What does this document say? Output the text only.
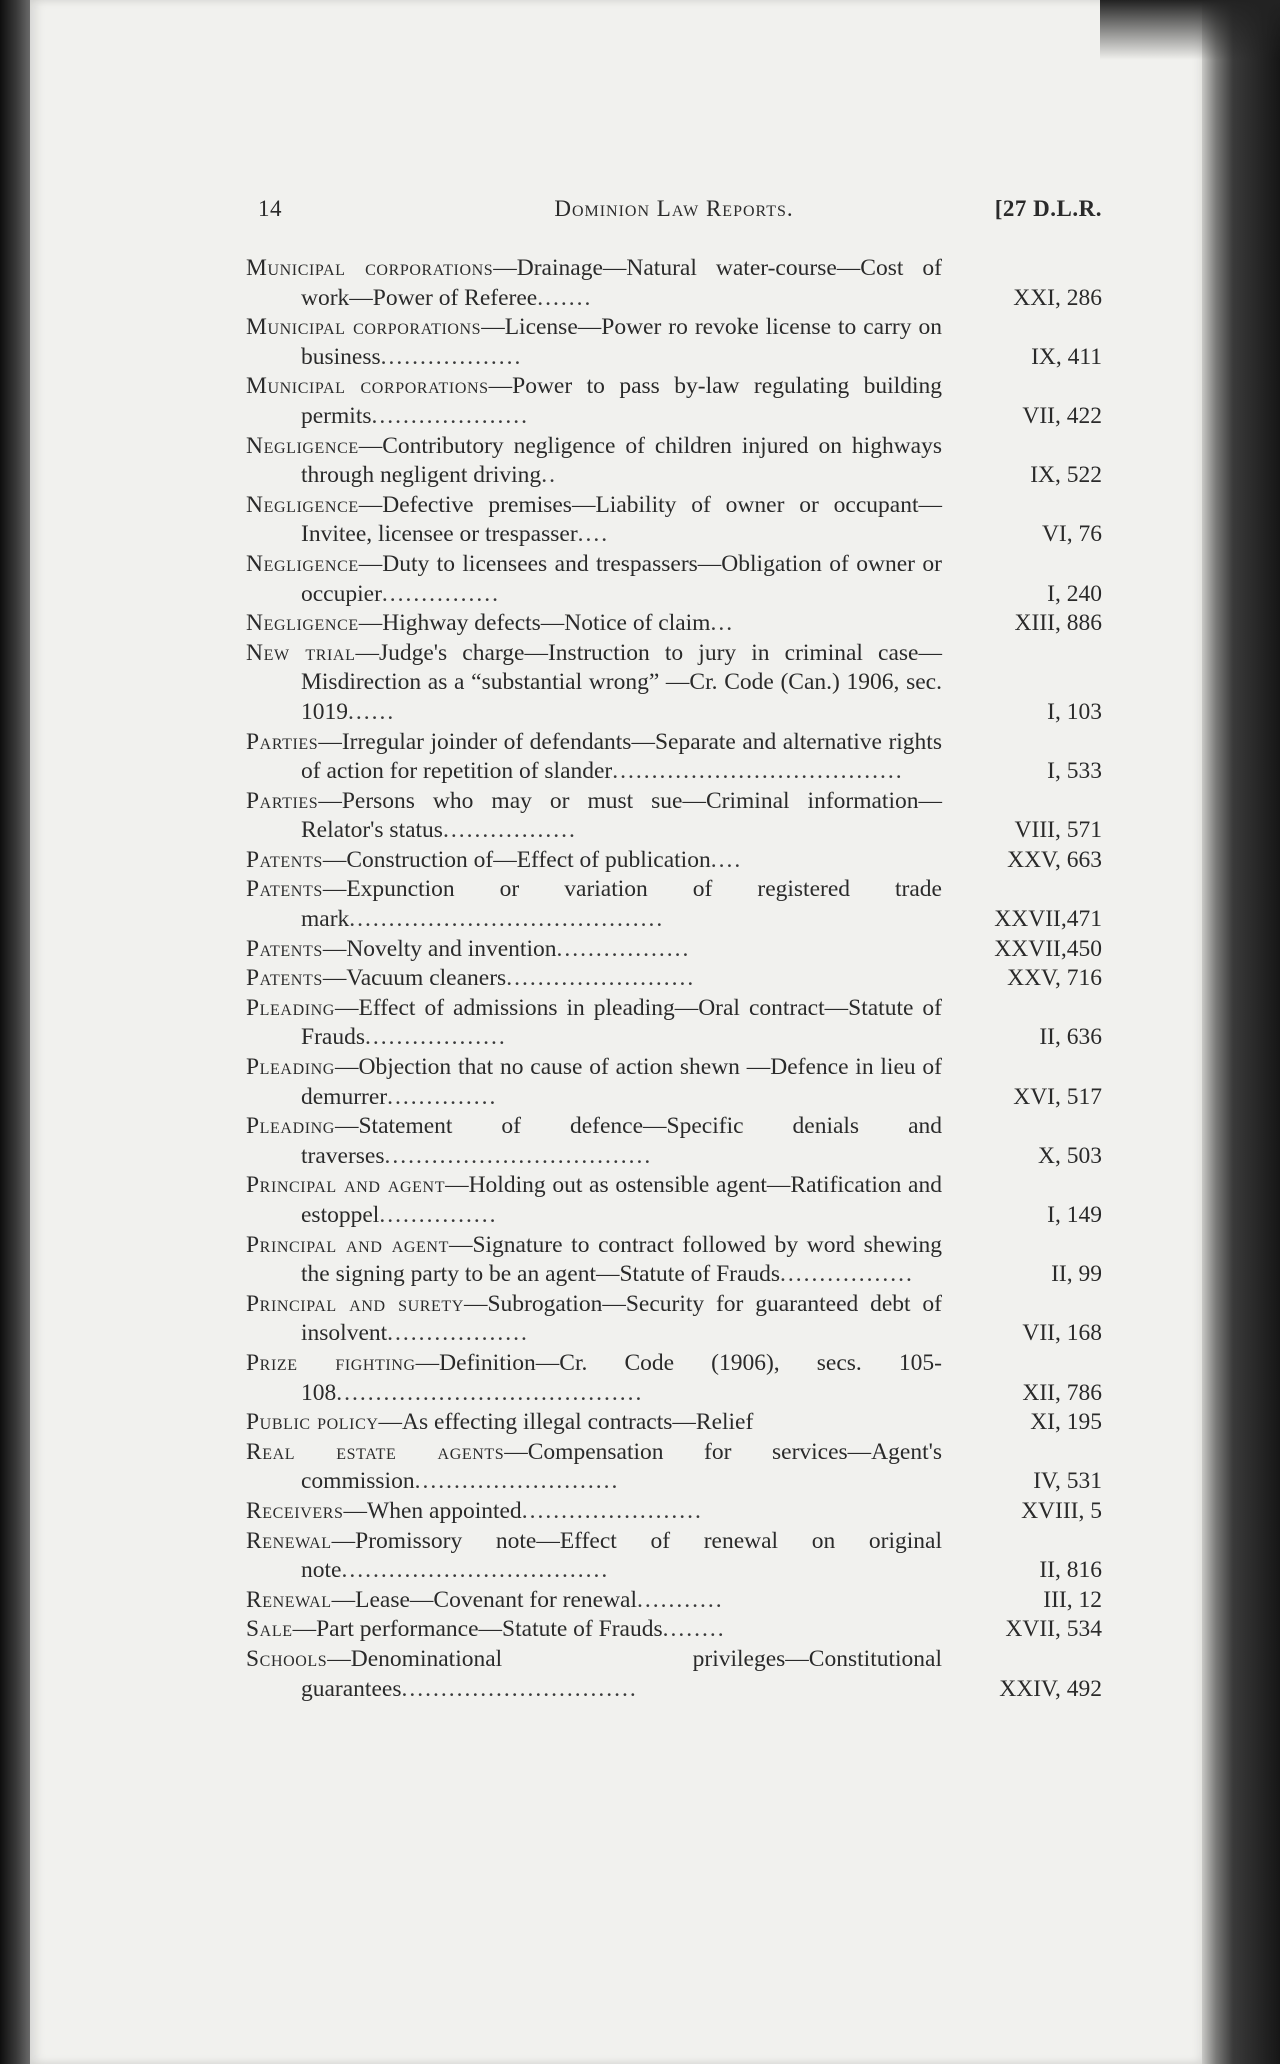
14	Dominion Law Reports.	[27 D.L.R.
Municipal corporations—Drainage—Natural water-course—Cost of work—Power of Referee.......	XXI, 286
Municipal corporations—License—Power ro revoke license to carry on business..................	IX, 411
Municipal corporations—Power to pass by-law regulating building permits....................	VII, 422
Negligence—Contributory negligence of children injured on highways through negligent driving..	IX, 522
Negligence—Defective premises—Liability of owner or occupant—Invitee, licensee or trespasser....	VI, 76
Negligence—Duty to licensees and trespassers—Obligation of owner or occupier...............	I, 240
Negligence—Highway defects—Notice of claim...	XIII, 886
New trial—Judge's charge—Instruction to jury in criminal case—Misdirection as a “substantial wrong” —Cr. Code (Can.) 1906, sec. 1019......	I, 103
Parties—Irregular joinder of defendants—Separate and alternative rights of action for repetition of slander.....................................	I, 533
Parties—Persons who may or must sue—Criminal information—Relator's status.................	VIII, 571
Patents—Construction of—Effect of publication....	XXV, 663
Patents—Expunction or variation of registered trade mark........................................	XXVII,471
Patents—Novelty and invention.................	XXVII,450
Patents—Vacuum cleaners........................	XXV, 716
Pleading—Effect of admissions in pleading—Oral contract—Statute of Frauds..................	II, 636
Pleading—Objection that no cause of action shewn —Defence in lieu of demurrer..............	XVI, 517
Pleading—Statement of defence—Specific denials and traverses..................................	X, 503
Principal and agent—Holding out as ostensible agent—Ratification and estoppel...............	I, 149
Principal and agent—Signature to contract followed by word shewing the signing party to be an agent—Statute of Frauds.................	II, 99
Principal and surety—Subrogation—Security for guaranteed debt of insolvent..................	VII, 168
Prize fighting—Definition—Cr. Code (1906), secs. 105-108.......................................	XII, 786
Public policy—As effecting illegal contracts—Relief	XI, 195
Real estate agents—Compensation for services—Agent's commission..........................	IV, 531
Receivers—When appointed.......................	XVIII, 5
Renewal—Promissory note—Effect of renewal on original note..................................	II, 816
Renewal—Lease—Covenant for renewal...........	III, 12
Sale—Part performance—Statute of Frauds........	XVII, 534
Schools—Denominational privileges—Constitutional guarantees..............................	XXIV, 492
